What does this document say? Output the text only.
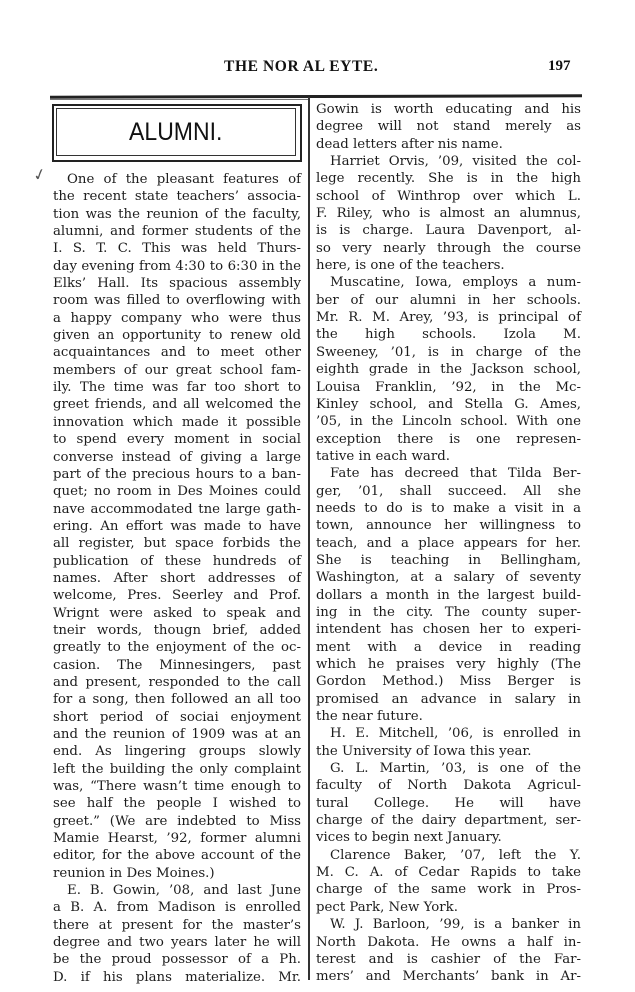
THE NOR AL EYTE.	197
ALUMNI.
✓	One of the pleasant features of
the recent state teachers’ associa-
tion was the reunion of the faculty,
alumni, and former students of the
I. S. T. C. This was held Thurs-
day evening from 4:30 to 6:30 in the
Elks’ Hall. Its spacious assembly
room was filled to overflowing with
a happy company who were thus
given an opportunity to renew old
acquaintances and to meet other
members of our great school fam-
ily. The time was far too short to
greet friends, and all welcomed the
innovation which made it possible
to spend every moment in social
converse instead of giving a large
part of the precious hours to a ban-
quet; no room in Des Moines could
nave accommodated tne large gath-
ering. An effort was made to have
all register, but space forbids the
publication of these hundreds of
names. After short addresses of
welcome, Pres. Seerley and Prof.
Wrignt were asked to speak and
tneir words, thougn brief, added
greatly to the enjoyment of the oc-
casion. The Minnesingers, past
and present, responded to the call
for a song, then followed an all too
short period of sociai enjoyment
and the reunion of 1909 was at an
end. As lingering groups slowly
left the building the only complaint
was, “There wasn’t time enough to
see half the people I wished to
greet.” (We are indebted to Miss
Mamie Hearst, ’92, former alumni
editor, for the above account of the
reunion in Des Moines.)
E. B. Gowin, ’08, and last June
a B. A. from Madison is enrolled
there at present for the master’s
degree and two years later he will
be the proud possessor of a Ph.
D. if his plans materialize. Mr.
Gowin is worth educating and his
degree will not stand merely as
dead letters after nis name.
Harriet Orvis, ’09, visited the col-
lege recently. She is in the high
school of Winthrop over which L.
F. Riley, who is almost an alumnus,
is is charge. Laura Davenport, al-
so very nearly through the course
here, is one of the teachers.
Muscatine, Iowa, employs a num-
ber of our alumni in her schools.
Mr. R. M. Arey, ’93, is principal of
the high schools. Izola M.
Sweeney, ’01, is in charge of the
eighth grade in the Jackson school,
Louisa Franklin, ’92, in the Mc-
Kinley school, and Stella G. Ames,
’05, in the Lincoln school. With one
exception there is one represen-
tative in each ward.
Fate has decreed that Tilda Ber-
ger, ’01, shall succeed. All she
needs to do is to make a visit in a
town, announce her willingness to
teach, and a place appears for her.
She is teaching in Bellingham,
Washington, at a salary of seventy
dollars a month in the largest build-
ing in the city. The county super-
intendent has chosen her to experi-
ment with a device in reading
which he praises very highly (The
Gordon Method.) Miss Berger is
promised an advance in salary in
the near future.
H. E. Mitchell, ’06, is enrolled in
the University of Iowa this year.
G. L. Martin, ’03, is one of the
faculty of North Dakota Agricul-
tural College. He will have
charge of the dairy department, ser-
vices to begin next January.
Clarence Baker, ’07, left the Y.
M. C. A. of Cedar Rapids to take
charge of the same work in Pros-
pect Park, New York.
W. J. Barloon, ’99, is a banker in
North Dakota. He owns a half in-
terest and is cashier of the Far-
mers’ and Merchants’ bank in Ar-
